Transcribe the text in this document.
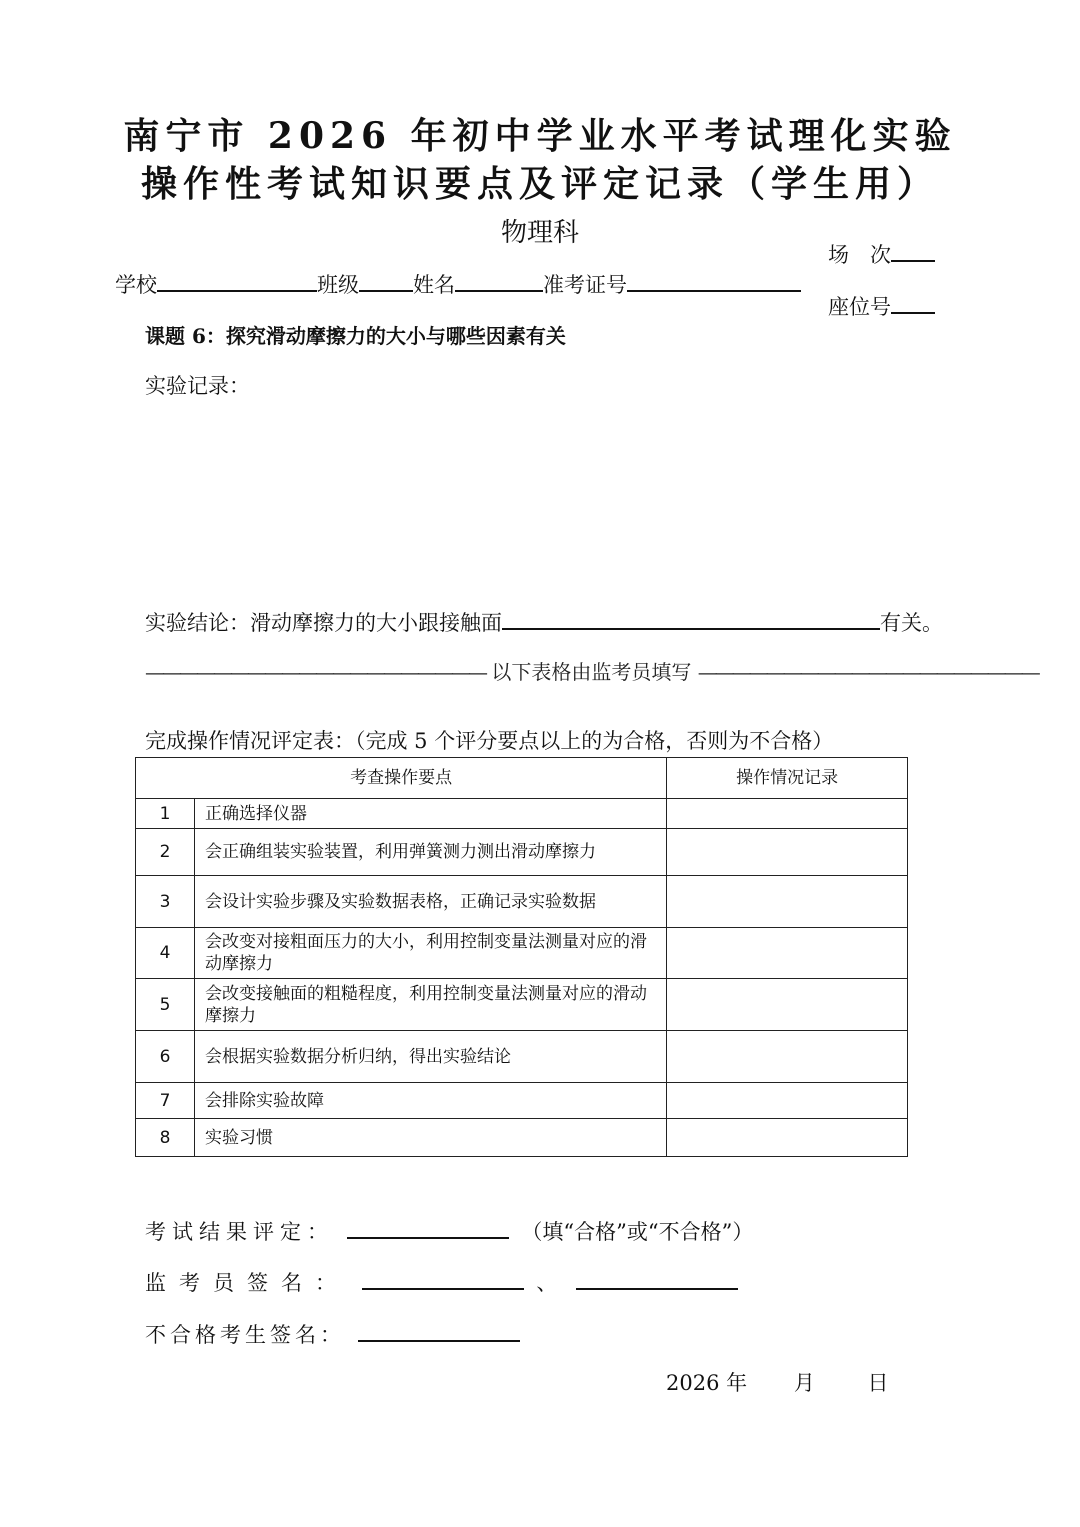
南宁市 2026 年初中学业水平考试理化实验
操作性考试知识要点及评定记录（学生用）
物理科
场　次
座位号
学校	班级	姓名	准考证号
课题 6：探究滑动摩擦力的大小与哪些因素有关
实验记录：
实验结论：滑动摩擦力的大小跟接触面	有关。
———————————————————— 以下表格由监考员填写 ————————————————————
完成操作情况评定表：（完成 5 个评分要点以上的为合格，否则为不合格）
考查操作要点		操作情况记录
1	正确选择仪器	
2	会正确组装实验装置，利用弹簧测力测出滑动摩擦力	
3	会设计实验步骤及实验数据表格，正确记录实验数据	
4	会改变对接粗面压力的大小，利用控制变量法测量对应的滑动摩擦力	
5	会改变接触面的粗糙程度，利用控制变量法测量对应的滑动摩擦力	
6	会根据实验数据分析归纳，得出实验结论	
7	会排除实验故障	
8	实验习惯	
考试结果评定：	（填“合格”或“不合格”）
监考员签名：	、
不合格考生签名：
2026 年 月	日
